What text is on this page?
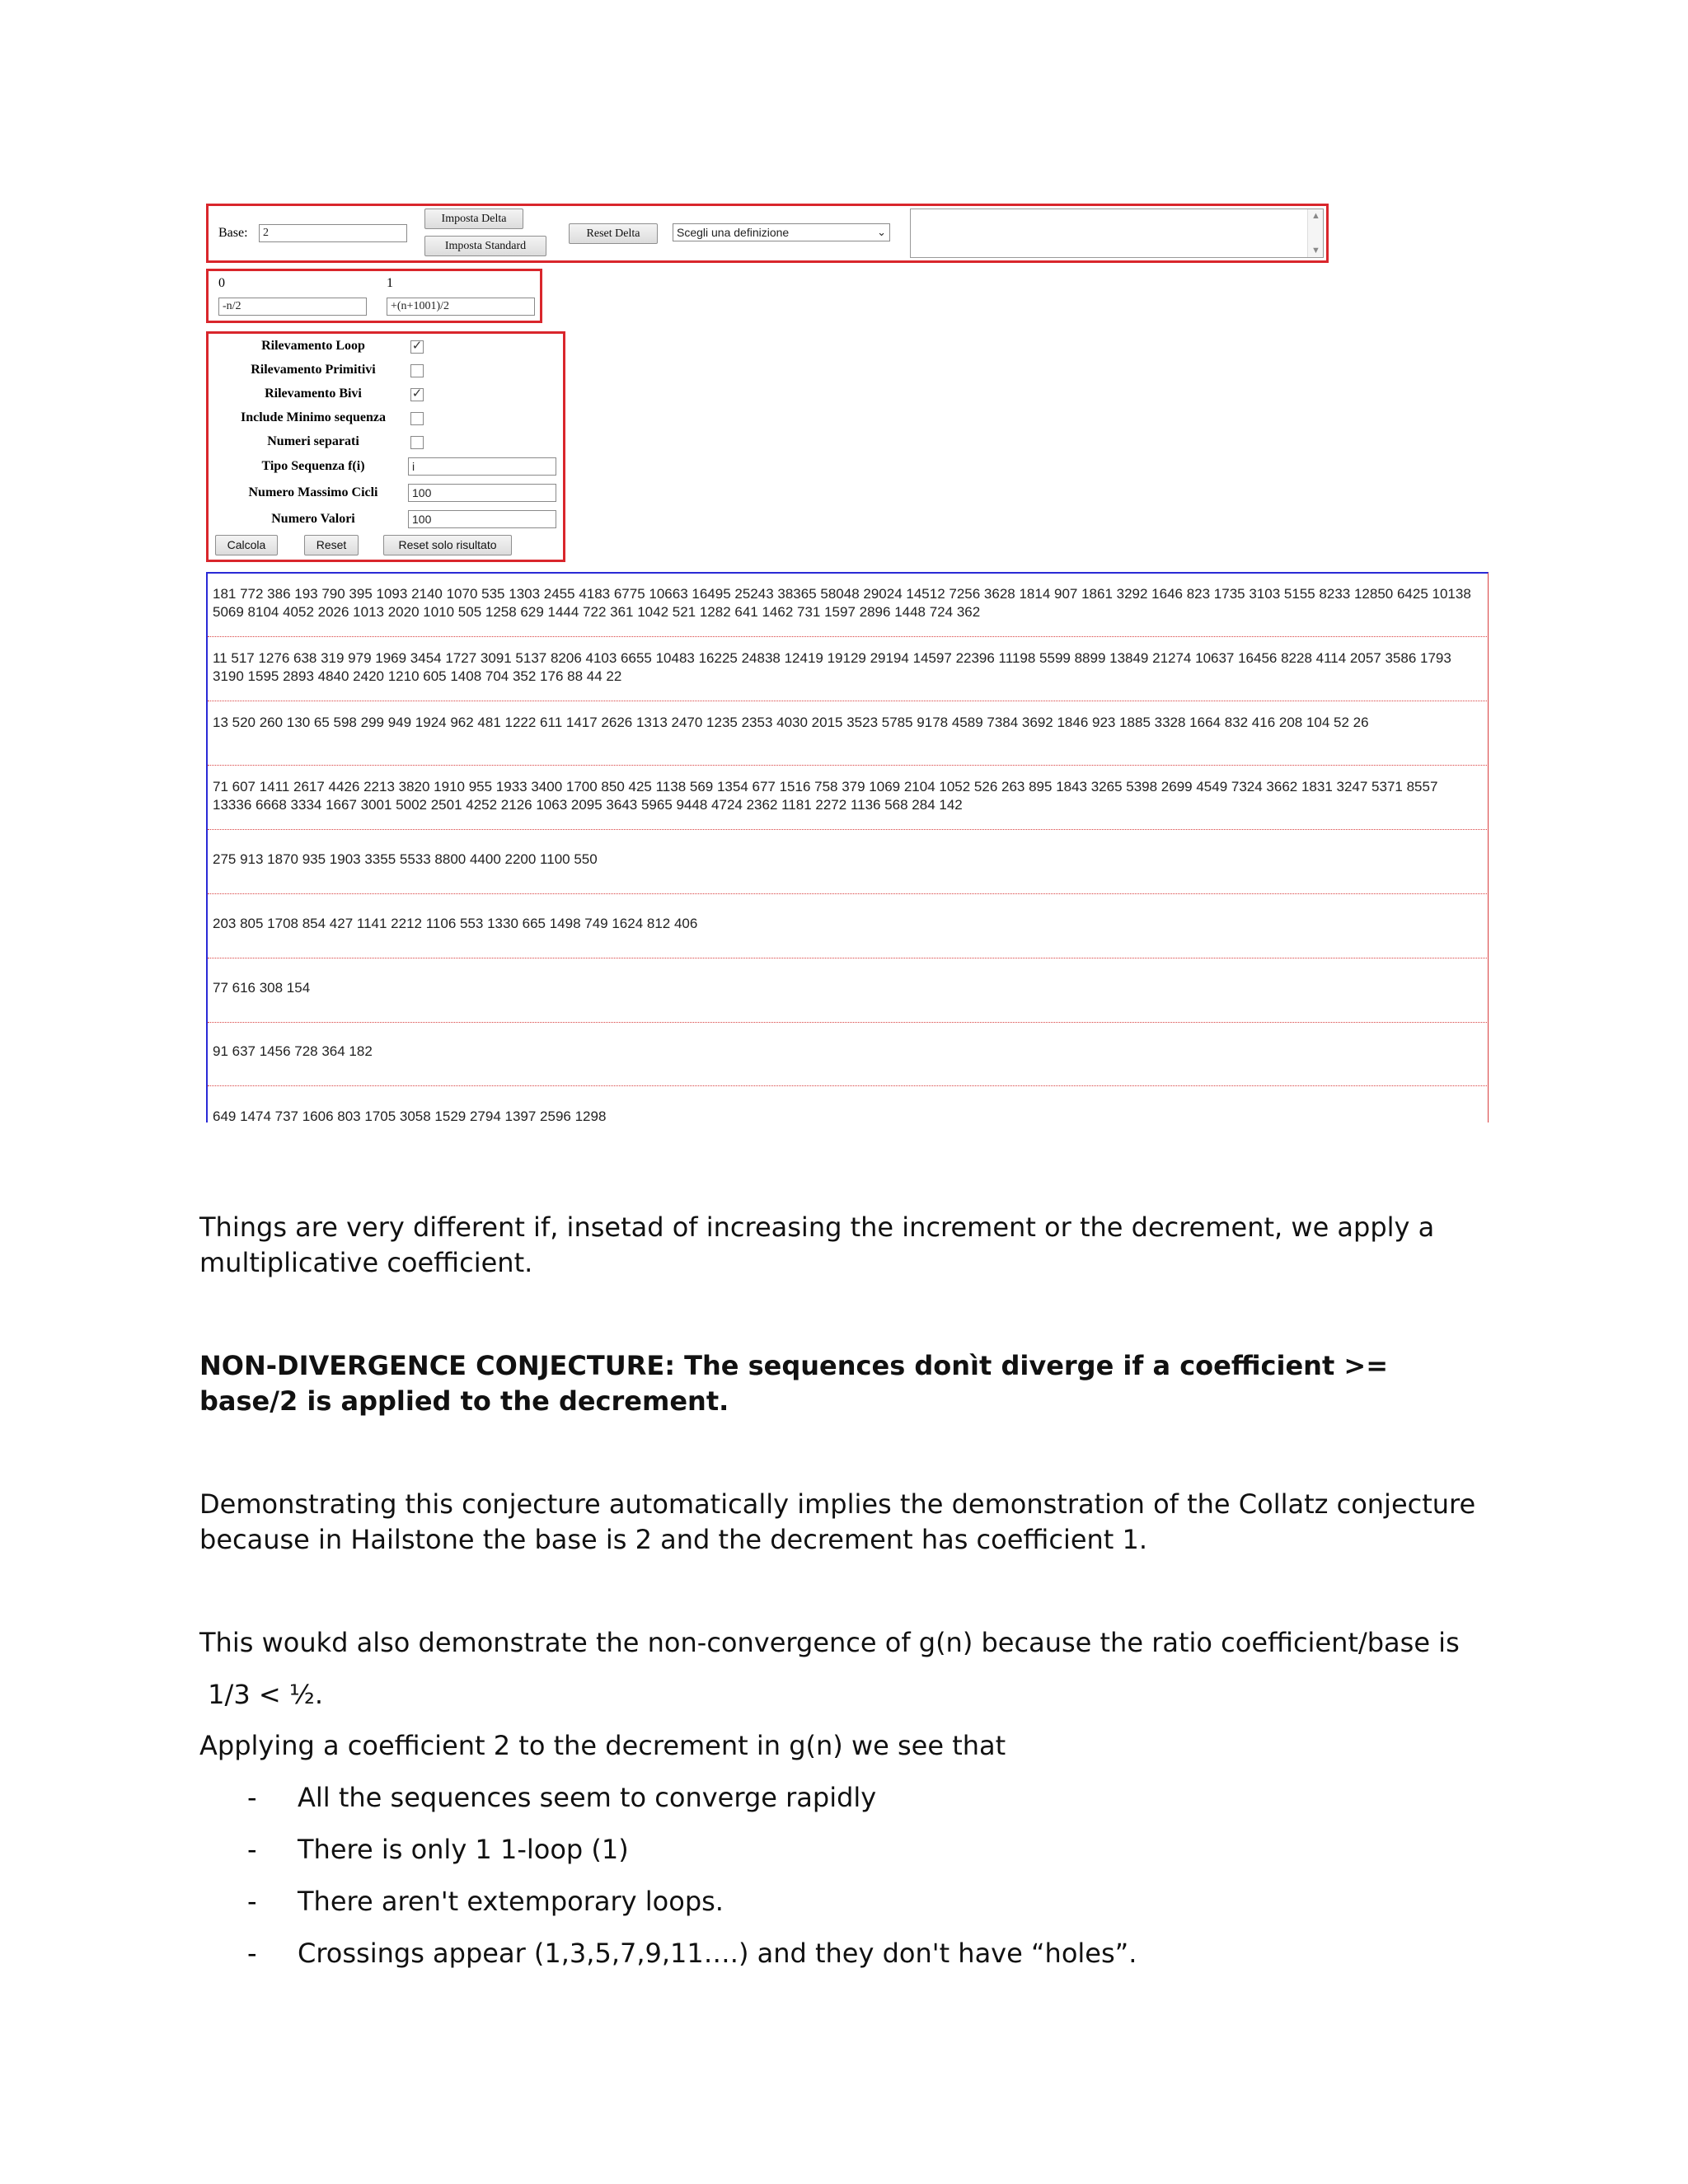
Base:	2
Imposta Delta
Imposta Standard
Reset Delta	Scegli una definizione	⌄
▲
▼
0	1
-n/2	+(n+1001)/2
Rilevamento Loop	✓
Rilevamento Primitivi
Rilevamento Bivi	✓
Include Minimo sequenza
Numeri separati
Tipo Sequenza f(i)	i
Numero Massimo Cicli	100
Numero Valori	100
Calcola	Reset	Reset solo risultato
181 772 386 193 790 395 1093 2140 1070 535 1303 2455 4183 6775 10663 16495 25243 38365 58048 29024 14512 7256 3628 1814 907 1861 3292 1646 823 1735 3103 5155 8233 12850 6425 10138 5069 8104 4052 2026 1013 2020 1010 505 1258 629 1444 722 361 1042 521 1282 641 1462 731 1597 2896 1448 724 362
11 517 1276 638 319 979 1969 3454 1727 3091 5137 8206 4103 6655 10483 16225 24838 12419 19129 29194 14597 22396 11198 5599 8899 13849 21274 10637 16456 8228 4114 2057 3586 1793 3190 1595 2893 4840 2420 1210 605 1408 704 352 176 88 44 22
13 520 260 130 65 598 299 949 1924 962 481 1222 611 1417 2626 1313 2470 1235 2353 4030 2015 3523 5785 9178 4589 7384 3692 1846 923 1885 3328 1664 832 416 208 104 52 26
71 607 1411 2617 4426 2213 3820 1910 955 1933 3400 1700 850 425 1138 569 1354 677 1516 758 379 1069 2104 1052 526 263 895 1843 3265 5398 2699 4549 7324 3662 1831 3247 5371 8557 13336 6668 3334 1667 3001 5002 2501 4252 2126 1063 2095 3643 5965 9448 4724 2362 1181 2272 1136 568 284 142
275 913 1870 935 1903 3355 5533 8800 4400 2200 1100 550
203 805 1708 854 427 1141 2212 1106 553 1330 665 1498 749 1624 812 406
77 616 308 154
91 637 1456 728 364 182
649 1474 737 1606 803 1705 3058 1529 2794 1397 2596 1298
Things are very different if, insetad of increasing the increment or the decrement, we apply a multiplicative coefficient.
NON-DIVERGENCE CONJECTURE: The sequences donìt diverge if a coefficient >= base/2 is applied to the decrement.
Demonstrating this conjecture automatically implies the demonstration of the Collatz conjecture because in Hailstone the base is 2 and the decrement has coefficient 1.
This woukd also demonstrate the non-convergence of g(n) because the ratio coefficient/base is
1/3 < ½.
Applying a coefficient 2 to the decrement in g(n) we see that
- All the sequences seem to converge rapidly
- There is only 1 1-loop (1)
- There aren't extemporary loops.
- Crossings appear (1,3,5,7,9,11….) and they don't have “holes”.
